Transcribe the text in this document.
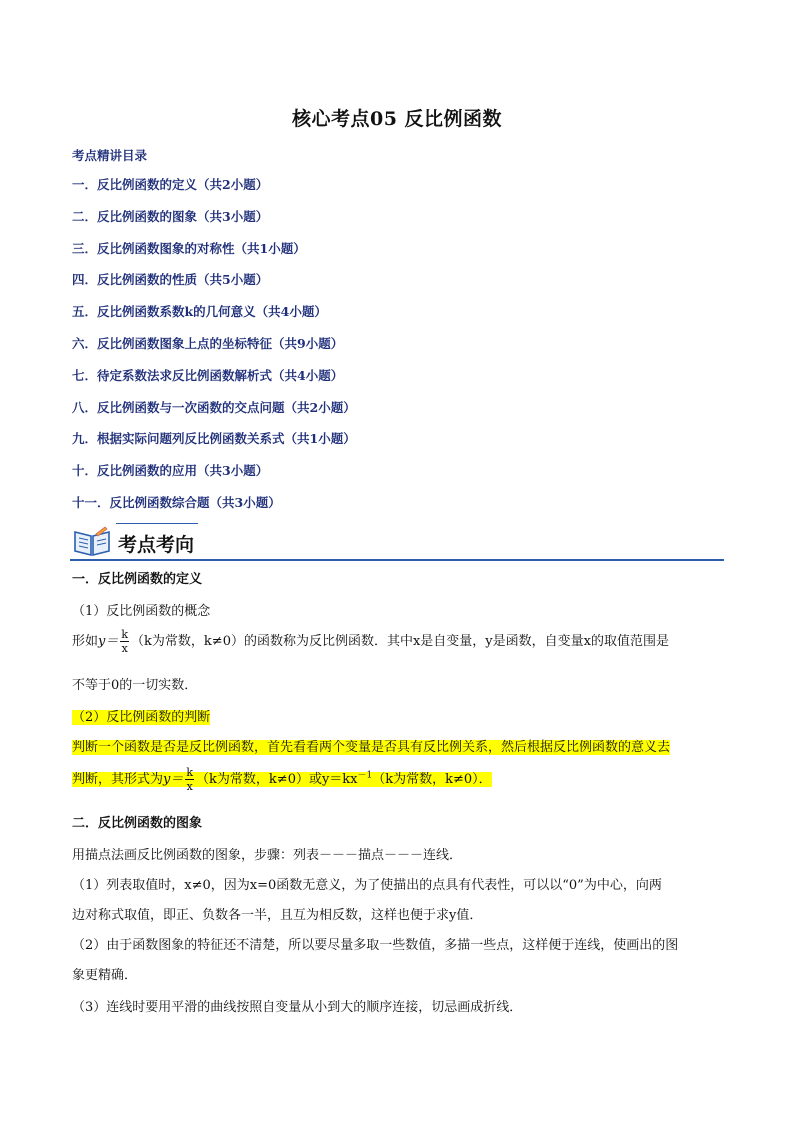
核心考点05 反比例函数
考点精讲目录
一．反比例函数的定义（共2小题）
二．反比例函数的图象（共3小题）
三．反比例函数图象的对称性（共1小题）
四．反比例函数的性质（共5小题）
五．反比例函数系数k的几何意义（共4小题）
六．反比例函数图象上点的坐标特征（共9小题）
七．待定系数法求反比例函数解析式（共4小题）
八．反比例函数与一次函数的交点问题（共2小题）
九．根据实际问题列反比例函数关系式（共1小题）
十．反比例函数的应用（共3小题）
十一．反比例函数综合题（共3小题）
考点考向
一．反比例函数的定义
（1）反比例函数的概念
形如$y= \frac{k}{x} (k$为常数，k≠0）的函数称为反比例函数．其中x是自变量，y是函数，自变量x的取值范围是
不等于0的一切实数．
（2）反比例函数的判断
判断一个函数是否是反比例函数，首先看看两个变量是否具有反比例关系，然后根据反比例函数的意义去
判断，其形式为$y= \frac{k}{x} (k$为常数，k≠0）或$y=kx^{-1}(k$为常数，k≠0）．
二．反比例函数的图象
用描点法画反比例函数的图象，步骤：列表－－－描点－－－连线．
（1）列表取值时，x≠0，因为x=0函数无意义，为了使描出的点具有代表性，可以以“0”为中心，向两
边对称式取值，即正、负数各一半，且互为相反数，这样也便于求y值．
（2）由于函数图象的特征还不清楚，所以要尽量多取一些数值，多描一些点，这样便于连线，使画出的图
象更精确．
（3）连线时要用平滑的曲线按照自变量从小到大的顺序连接，切忌画成折线．
